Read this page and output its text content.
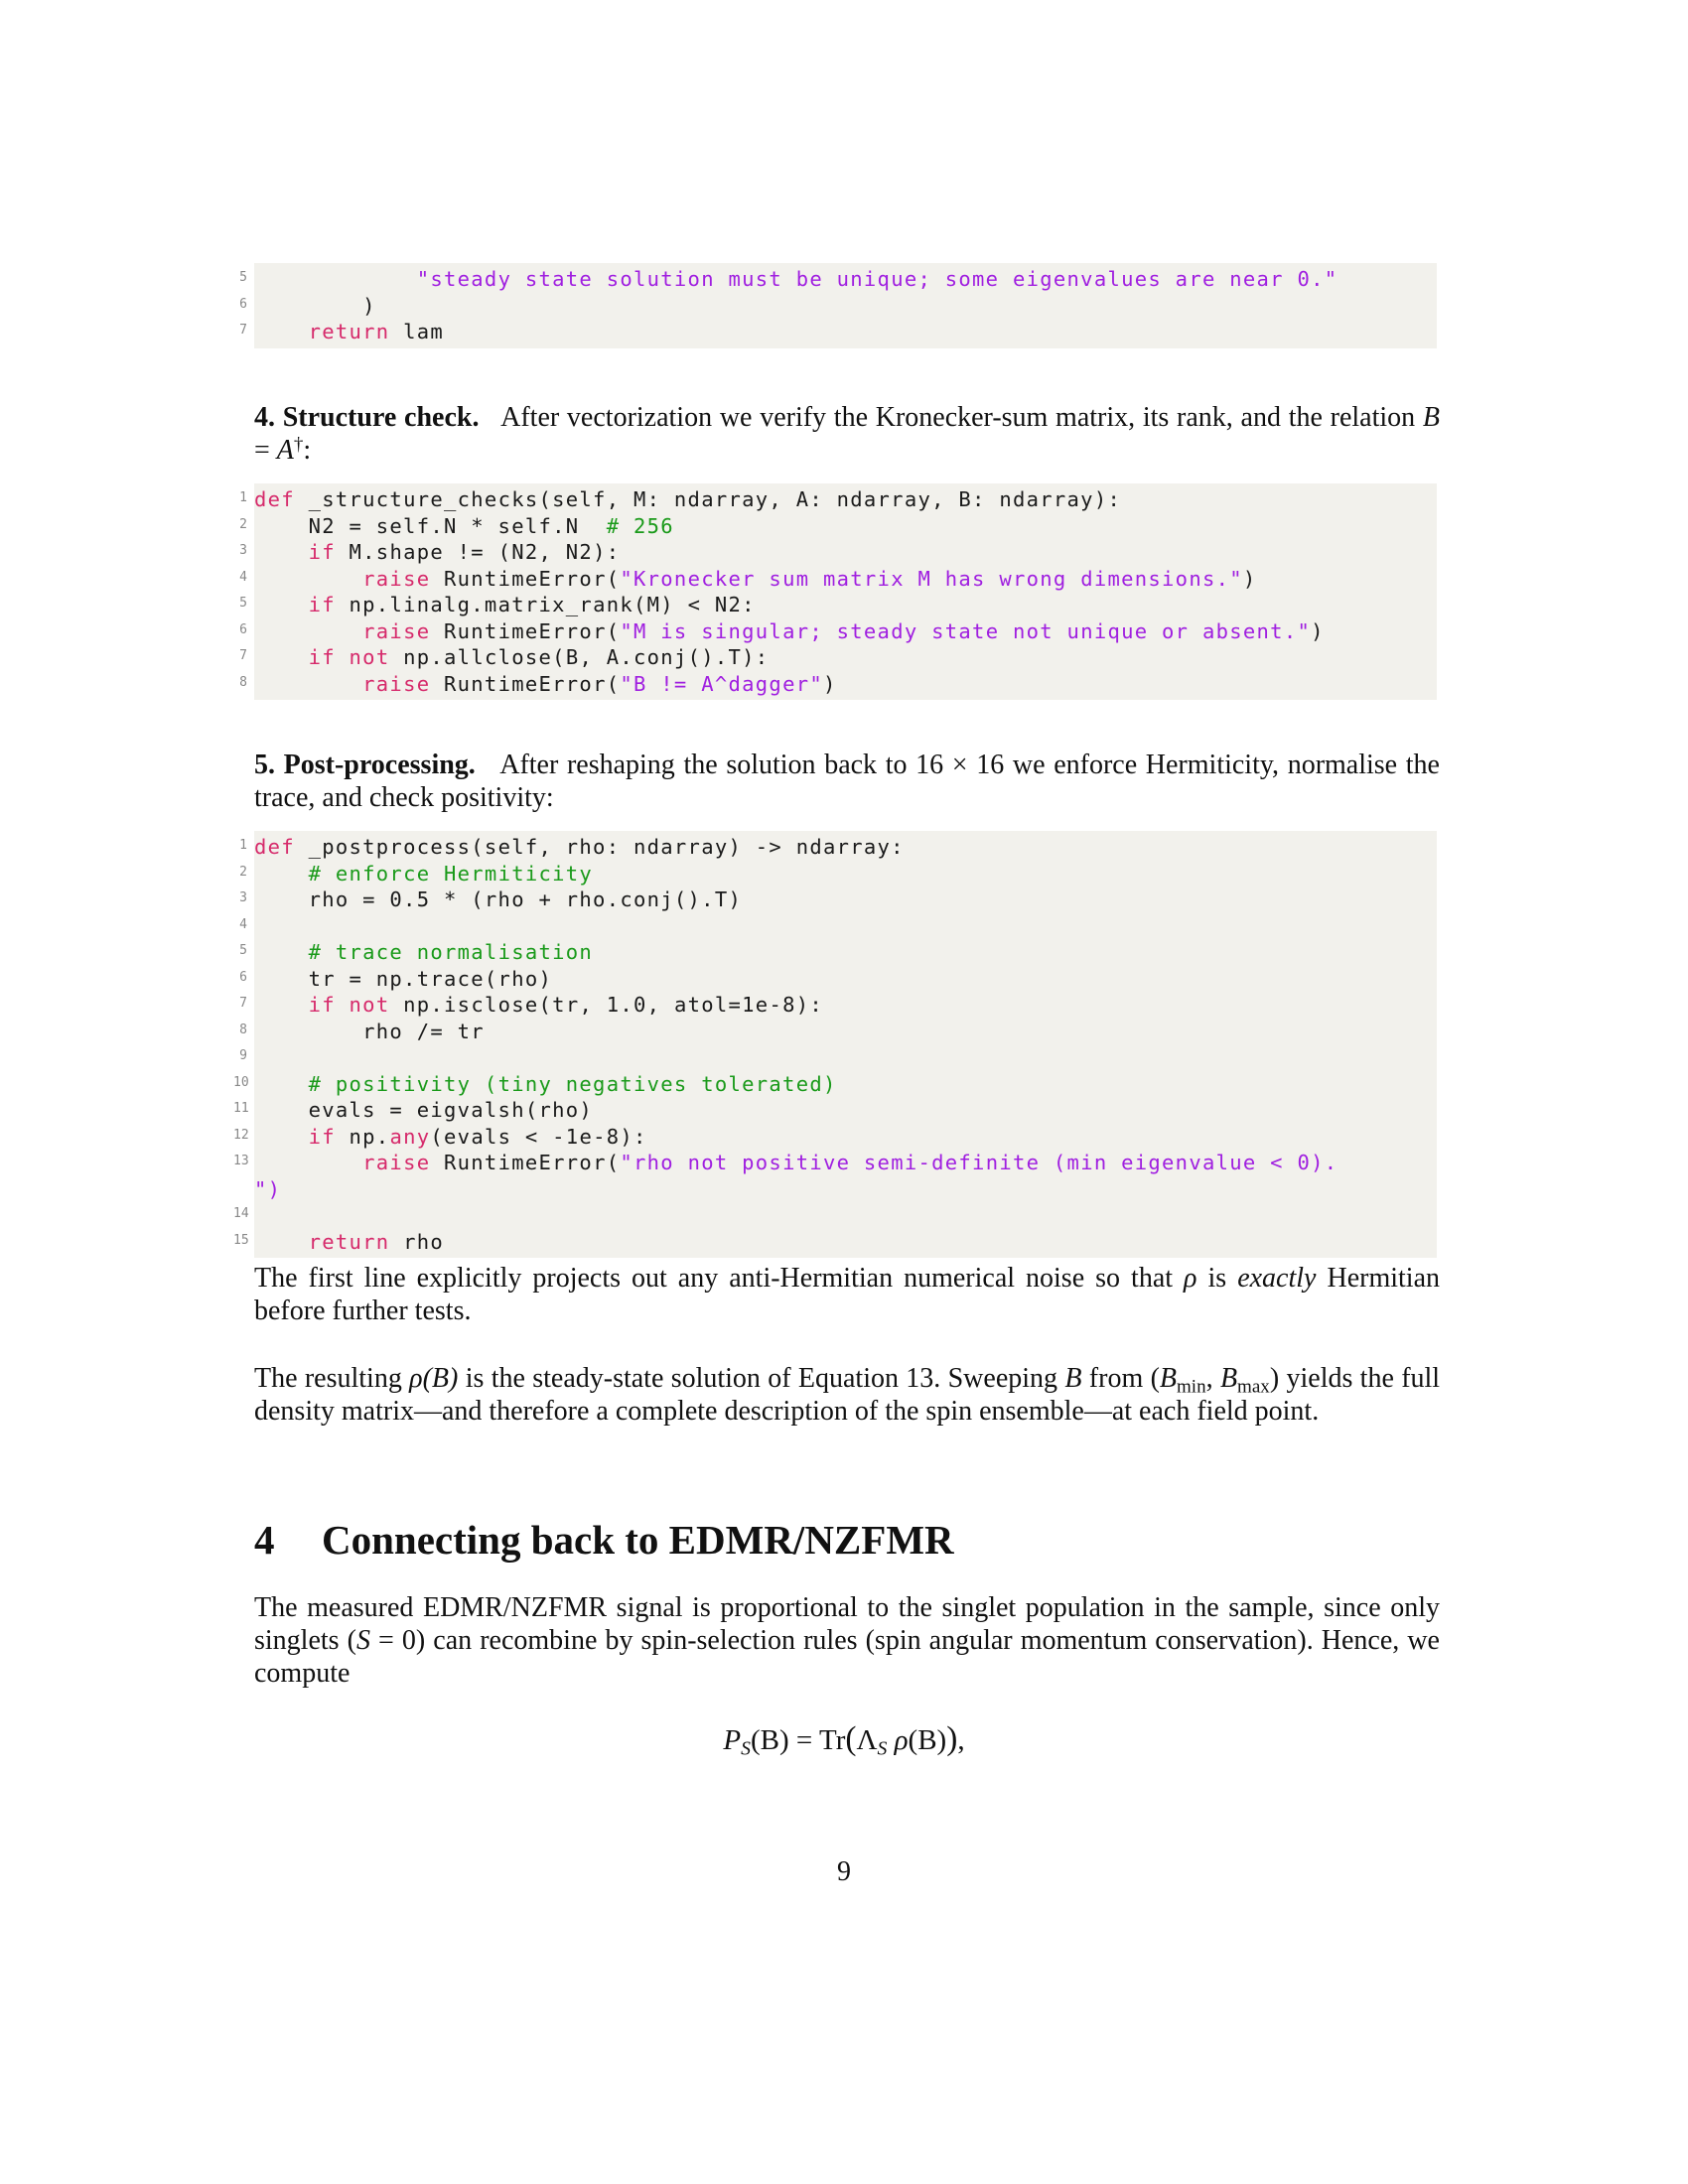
5	"steady state solution must be unique; some eigenvalues are near 0."
6 )
7	return lam
4. Structure check. After vectorization we verify the Kronecker-sum matrix, its rank, and the relation B = A†:
1 def _structure_checks(self, M: ndarray, A: ndarray, B: ndarray):
2 N2 = self.N * self.N  # 256
3	if M.shape != (N2, N2):
4	raise RuntimeError("Kronecker sum matrix M has wrong dimensions.")
5	if np.linalg.matrix_rank(M) < N2:
6	raise RuntimeError("M is singular; steady state not unique or absent.")
7	if not np.allclose(B, A.conj().T):
8	raise RuntimeError("B != A^dagger")
5. Post-processing. After reshaping the solution back to 16 × 16 we enforce Hermiticity, normalise the trace, and check positivity:
1 def _postprocess(self, rho: ndarray) -> ndarray:
2	# enforce Hermiticity
3 rho = 0.5 * (rho + rho.conj().T)
4
5	# trace normalisation
6 tr = np.trace(rho)
7	if not np.isclose(tr, 1.0, atol=1e-8):
8 rho /= tr
9
10	# positivity (tiny negatives tolerated)
11 evals = eigvalsh(rho)
12	if np.any(evals < -1e-8):
13	raise RuntimeError("rho not positive semi-definite (min eigenvalue < 0).
")
14
15	return rho
The first line explicitly projects out any anti-Hermitian numerical noise so that ρ is exactly Hermitian before further tests.
The resulting ρ(B) is the steady-state solution of Equation 13. Sweeping B from ($B_{min}$, $B_{max}$) yields the full density matrix—and therefore a complete description of the spin ensemble—at each field point.
4 Connecting back to EDMR/NZFMR
The measured EDMR/NZFMR signal is proportional to the singlet population in the sample, since only singlets (S = 0) can recombine by spin-selection rules (spin angular momentum conservation). Hence, we compute
$P_S(B) = Tr(\Lambda_S$ ρ(B)),
9
